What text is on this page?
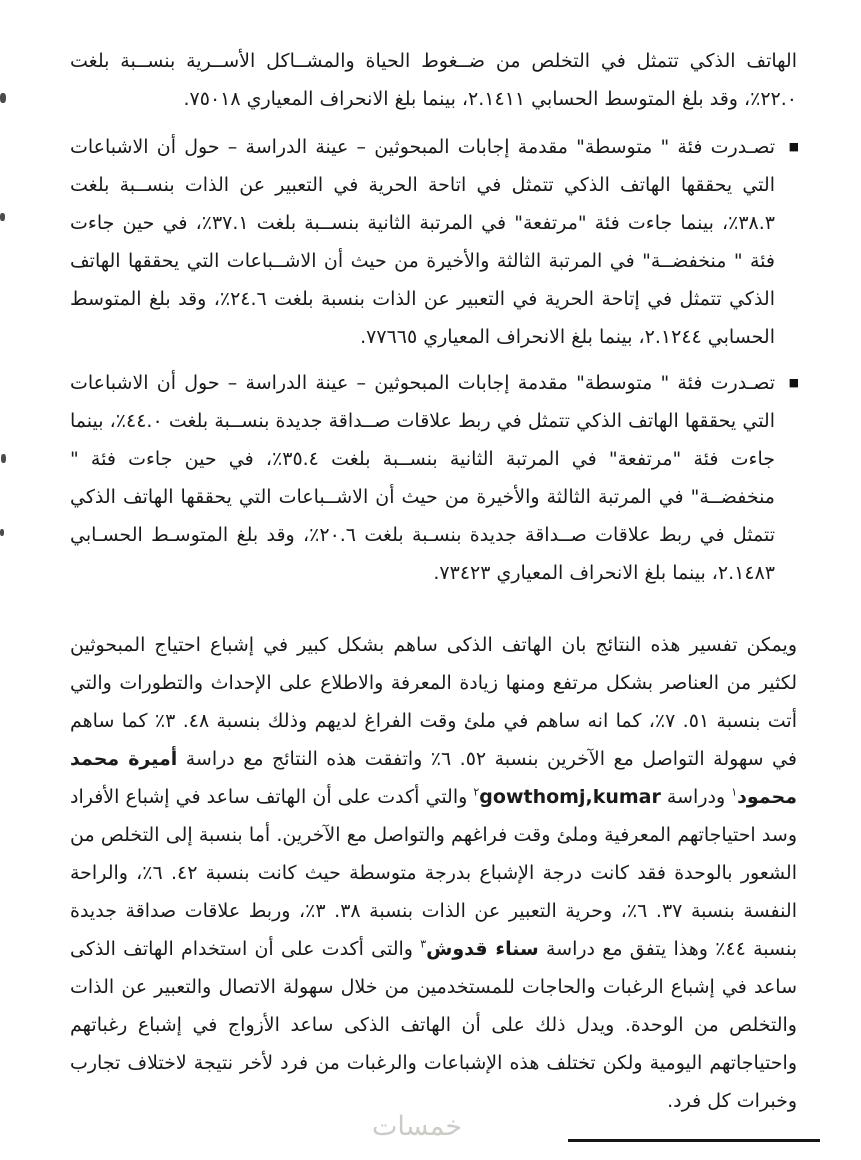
الهاتف الذكي تتمثل في التخلص من ضــغوط الحياة والمشــاكل الأســرية بنســبة بلغت ٢٢.٠٪، وقد بلغ المتوسط الحسابي ٢.١٤١١، بينما بلغ الانحراف المعياري ٧٥٠١٨.

■ تصـدرت فئة " متوسطة" مقدمة إجابات المبحوثين – عينة الدراسة – حول أن الاشباعات التي يحققها الهاتف الذكي تتمثل في اتاحة الحرية في التعبير عن الذات بنســبة بلغت ٣٨.٣٪، بينما جاءت فئة "مرتفعة" في المرتبة الثانية بنســبة بلغت ٣٧.١٪، في حين جاءت فئة " منخفضــة" في المرتبة الثالثة والأخيرة من حيث أن الاشــباعات التي يحققها الهاتف الذكي تتمثل في إتاحة الحرية في التعبير عن الذات بنسبة بلغت ٢٤.٦٪، وقد بلغ المتوسط الحسابي ٢.١٢٤٤، بينما بلغ الانحراف المعياري ٧٧٦٦٥.
■ تصـدرت فئة " متوسطة" مقدمة إجابات المبحوثين – عينة الدراسة – حول أن الاشباعات التي يحققها الهاتف الذكي تتمثل في ربط علاقات صــداقة جديدة بنســبة بلغت ٤٤.٠٪، بينما جاءت فئة "مرتفعة" في المرتبة الثانية بنســبة بلغت ٣٥.٤٪، في حين جاءت فئة " منخفضــة" في المرتبة الثالثة والأخيرة من حيث أن الاشــباعات التي يحققها الهاتف الذكي تتمثل في ربط علاقات صــداقة جديدة بنسـبة بلغت ٢٠.٦٪، وقد بلغ المتوسـط الحسـابي ٢.١٤٨٣، بينما بلغ الانحراف المعياري ٧٣٤٢٣.

ويمكن تفسير هذه النتائج بان الهاتف الذكى ساهم بشكل كبير في إشباع احتياج المبحوثين لكثير من العناصر بشكل مرتفع ومنها زيادة المعرفة والاطلاع على الإحداث والتطورات والتي أتت بنسبة ٥١. ٧٪، كما انه ساهم في ملئ وقت الفراغ لديهم وذلك بنسبة ٤٨. ٣٪ كما ساهم في سهولة التواصل مع الآخرين بنسبة ٥٢. ٦٪ واتفقت هذه النتائج مع دراسة أميرة محمد محمود$^١$ ودراسة gowthomj,kumar$^٢$ والتي أكدت على أن الهاتف ساعد في إشباع الأفراد وسد احتياجاتهم المعرفية وملئ وقت فراغهم والتواصل مع الآخرين. أما بنسبة إلى التخلص من الشعور بالوحدة فقد كانت درجة الإشباع بدرجة متوسطة حيث كانت بنسبة ٤٢. ٦٪، والراحة النفسة بنسبة ٣٧. ٦٪، وحرية التعبير عن الذات بنسبة ٣٨. ٣٪، وربط علاقات صداقة جديدة بنسبة ٤٤٪ وهذا يتفق مع دراسة سناء قدوش$^٣$ والتى أكدت على أن استخدام الهاتف الذكى ساعد في إشباع الرغبات والحاجات للمستخدمين من خلال سهولة الاتصال والتعبير عن الذات والتخلص من الوحدة. ويدل ذلك على أن الهاتف الذكى ساعد الأزواج في إشباع رغباتهم واحتياجاتهم اليومية ولكن تختلف هذه الإشباعات والرغبات من فرد لأخر نتيجة لاختلاف تجارب وخبرات كل فرد.

خمسات
